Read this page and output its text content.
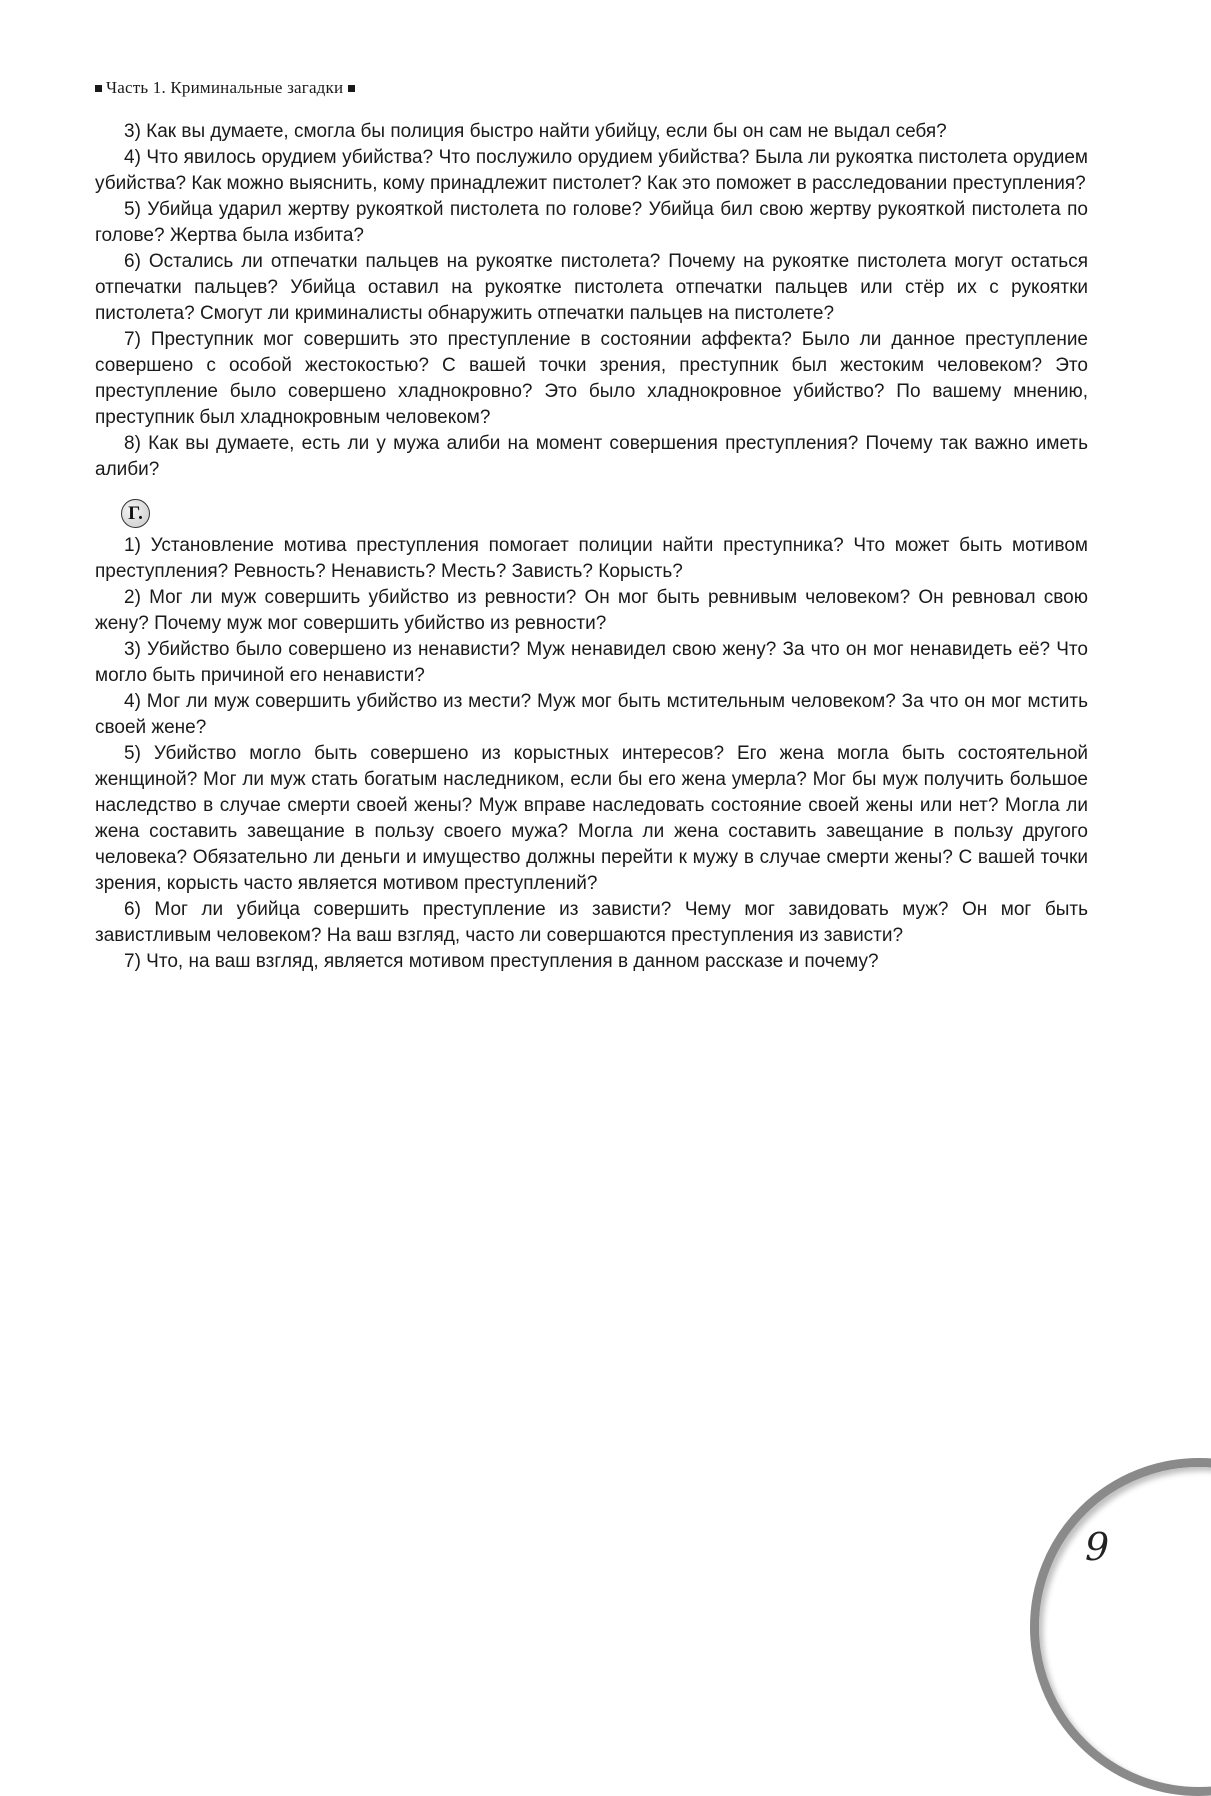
Часть 1. Криминальные загадки

3) Как вы думаете, смогла бы полиция быстро найти убийцу, если бы он сам не выдал себя?

4) Что явилось орудием убийства? Что послужило орудием убийства? Была ли рукоятка пистолета орудием убийства? Как можно выяснить, кому принадлежит пистолет? Как это поможет в расследовании преступления?

5) Убийца ударил жертву рукояткой пистолета по голове? Убийца бил свою жертву рукояткой пистолета по голове? Жертва была избита?

6) Остались ли отпечатки пальцев на рукоятке пистолета? Почему на рукоятке пистолета могут остаться отпечатки пальцев? Убийца оставил на рукоятке пистолета отпечатки пальцев или стёр их с рукоятки пистолета? Смогут ли криминалисты обнаружить отпечатки пальцев на пистолете?

7) Преступник мог совершить это преступление в состоянии аффекта? Было ли данное преступление совершено с особой жестокостью? С вашей точки зрения, преступник был жестоким человеком? Это преступление было совершено хладнокровно? Это было хладнокровное убийство? По вашему мнению, преступник был хладнокровным человеком?

8) Как вы думаете, есть ли у мужа алиби на момент совершения преступления? Почему так важно иметь алиби?

Г.

1) Установление мотива преступления помогает полиции найти преступника? Что может быть мотивом преступления? Ревность? Ненависть? Месть? Зависть? Корысть?

2) Мог ли муж совершить убийство из ревности? Он мог быть ревнивым человеком? Он ревновал свою жену? Почему муж мог совершить убийство из ревности?

3) Убийство было совершено из ненависти? Муж ненавидел свою жену? За что он мог ненавидеть её? Что могло быть причиной его ненависти?

4) Мог ли муж совершить убийство из мести? Муж мог быть мстительным человеком? За что он мог мстить своей жене?

5) Убийство могло быть совершено из корыстных интересов? Его жена могла быть состоятельной женщиной? Мог ли муж стать богатым наследником, если бы его жена умерла? Мог бы муж получить большое наследство в случае смерти своей жены? Муж вправе наследовать состояние своей жены или нет? Могла ли жена составить завещание в пользу своего мужа? Могла ли жена составить завещание в пользу другого человека? Обязательно ли деньги и имущество должны перейти к мужу в случае смерти жены? С вашей точки зрения, корысть часто является мотивом преступлений?

6) Мог ли убийца совершить преступление из зависти? Чему мог завидовать муж? Он мог быть завистливым человеком? На ваш взгляд, часто ли совершаются преступления из зависти?

7) Что, на ваш взгляд, является мотивом преступления в данном рассказе и почему?

9
